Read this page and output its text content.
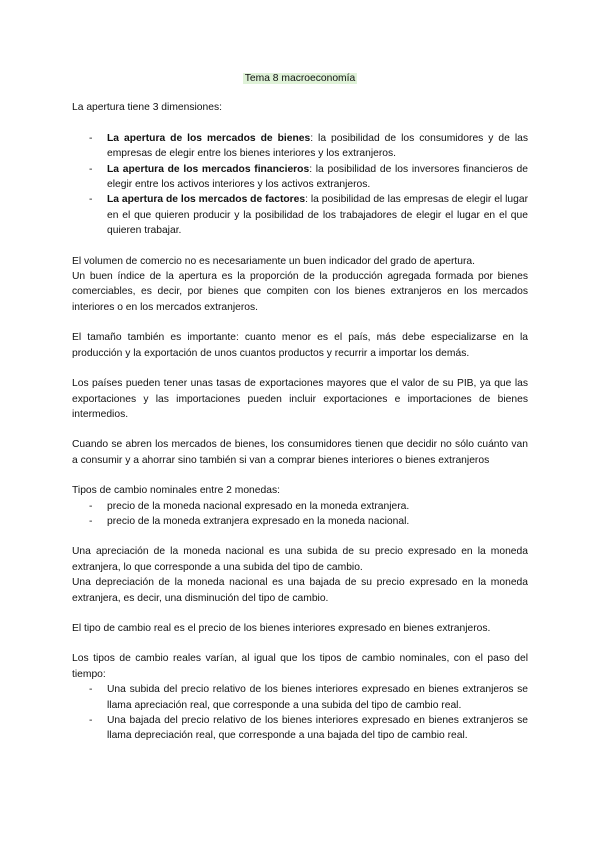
Tema 8 macroeconomía

La apertura tiene 3 dimensiones:

- La apertura de los mercados de bienes: la posibilidad de los consumidores y de las empresas de elegir entre los bienes interiores y los extranjeros.
- La apertura de los mercados financieros: la posibilidad de los inversores financieros de elegir entre los activos interiores y los activos extranjeros.
- La apertura de los mercados de factores: la posibilidad de las empresas de elegir el lugar en el que quieren producir y la posibilidad de los trabajadores de elegir el lugar en el que quieren trabajar.

El volumen de comercio no es necesariamente un buen indicador del grado de apertura.

Un buen índice de la apertura es la proporción de la producción agregada formada por bienes comerciables, es decir, por bienes que compiten con los bienes extranjeros en los mercados interiores o en los mercados extranjeros.

El tamaño también es importante: cuanto menor es el país, más debe especializarse en la producción y la exportación de unos cuantos productos y recurrir a importar los demás.

Los países pueden tener unas tasas de exportaciones mayores que el valor de su PIB, ya que las exportaciones y las importaciones pueden incluir exportaciones e importaciones de bienes intermedios.

Cuando se abren los mercados de bienes, los consumidores tienen que decidir no sólo cuánto van a consumir y a ahorrar sino también si van a comprar bienes interiores o bienes extranjeros

Tipos de cambio nominales entre 2 monedas:

- precio de la moneda nacional expresado en la moneda extranjera.
- precio de la moneda extranjera expresado en la moneda nacional.

Una apreciación de la moneda nacional es una subida de su precio expresado en la moneda extranjera, lo que corresponde a una subida del tipo de cambio.

Una depreciación de la moneda nacional es una bajada de su precio expresado en la moneda extranjera, es decir, una disminución del tipo de cambio.

El tipo de cambio real es el precio de los bienes interiores expresado en bienes extranjeros.

Los tipos de cambio reales varían, al igual que los tipos de cambio nominales, con el paso del tiempo:

- Una subida del precio relativo de los bienes interiores expresado en bienes extranjeros se llama apreciación real, que corresponde a una subida del tipo de cambio real.
- Una bajada del precio relativo de los bienes interiores expresado en bienes extranjeros se llama depreciación real, que corresponde a una bajada del tipo de cambio real.
